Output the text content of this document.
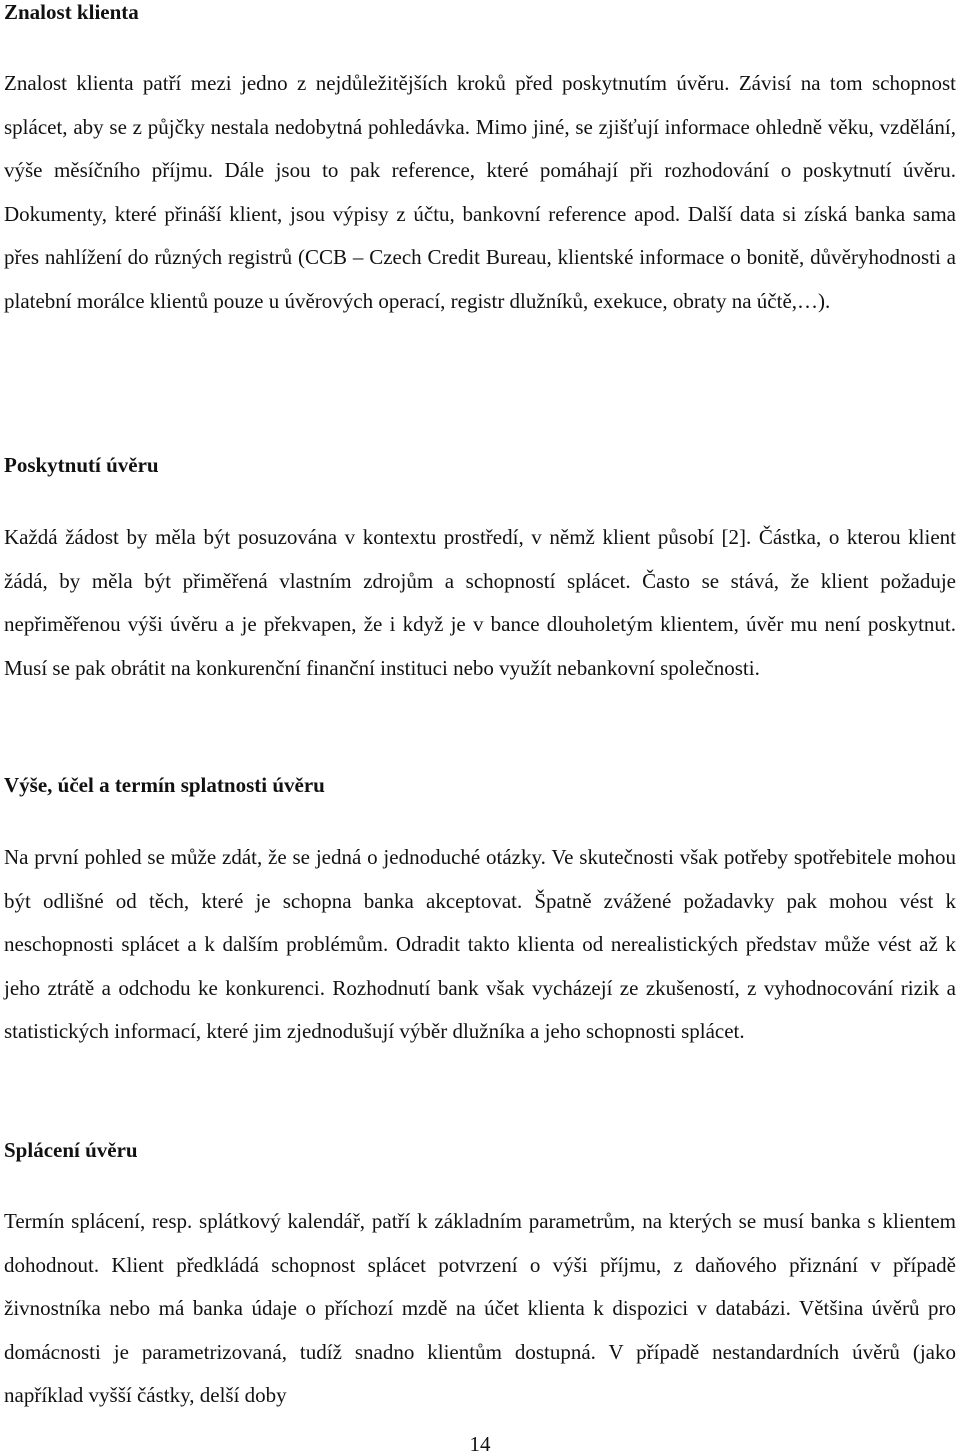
Znalost klienta

Znalost klienta patří mezi jedno z nejdůležitějších kroků před poskytnutím úvěru. Závisí na tom schopnost splácet, aby se z půjčky nestala nedobytná pohledávka. Mimo jiné, se zjišťují informace ohledně věku, vzdělání, výše měsíčního příjmu. Dále jsou to pak reference, které pomáhají při rozhodování o poskytnutí úvěru. Dokumenty, které přináší klient, jsou výpisy z účtu, bankovní reference apod. Další data si získá banka sama přes nahlížení do různých registrů (CCB – Czech Credit Bureau, klientské informace o bonitě, důvěryhodnosti a platební morálce klientů pouze u úvěrových operací, registr dlužníků, exekuce, obraty na účtě,…).

Poskytnutí úvěru

Každá žádost by měla být posuzována v kontextu prostředí, v němž klient působí [2]. Částka, o kterou klient žádá, by měla být přiměřená vlastním zdrojům a schopností splácet. Často se stává, že klient požaduje nepřiměřenou výši úvěru a je překvapen, že i když je v bance dlouholetým klientem, úvěr mu není poskytnut. Musí se pak obrátit na konkurenční finanční instituci nebo využít nebankovní společnosti.

Výše, účel a termín splatnosti úvěru

Na první pohled se může zdát, že se jedná o jednoduché otázky. Ve skutečnosti však potřeby spotřebitele mohou být odlišné od těch, které je schopna banka akceptovat. Špatně zvážené požadavky pak mohou vést k neschopnosti splácet a k dalším problémům. Odradit takto klienta od nerealistických představ může vést až k jeho ztrátě a odchodu ke konkurenci. Rozhodnutí bank však vycházejí ze zkušeností, z vyhodnocování rizik a statistických informací, které jim zjednodušují výběr dlužníka a jeho schopnosti splácet.

Splácení úvěru

Termín splácení, resp. splátkový kalendář, patří k základním parametrům, na kterých se musí banka s klientem dohodnout. Klient předkládá schopnost splácet potvrzení o výši příjmu, z daňového přiznání v případě živnostníka nebo má banka údaje o příchozí mzdě na účet klienta k dispozici v databázi. Většina úvěrů pro domácnosti je parametrizovaná, tudíž snadno klientům dostupná. V případě nestandardních úvěrů (jako například vyšší částky, delší doby

14
